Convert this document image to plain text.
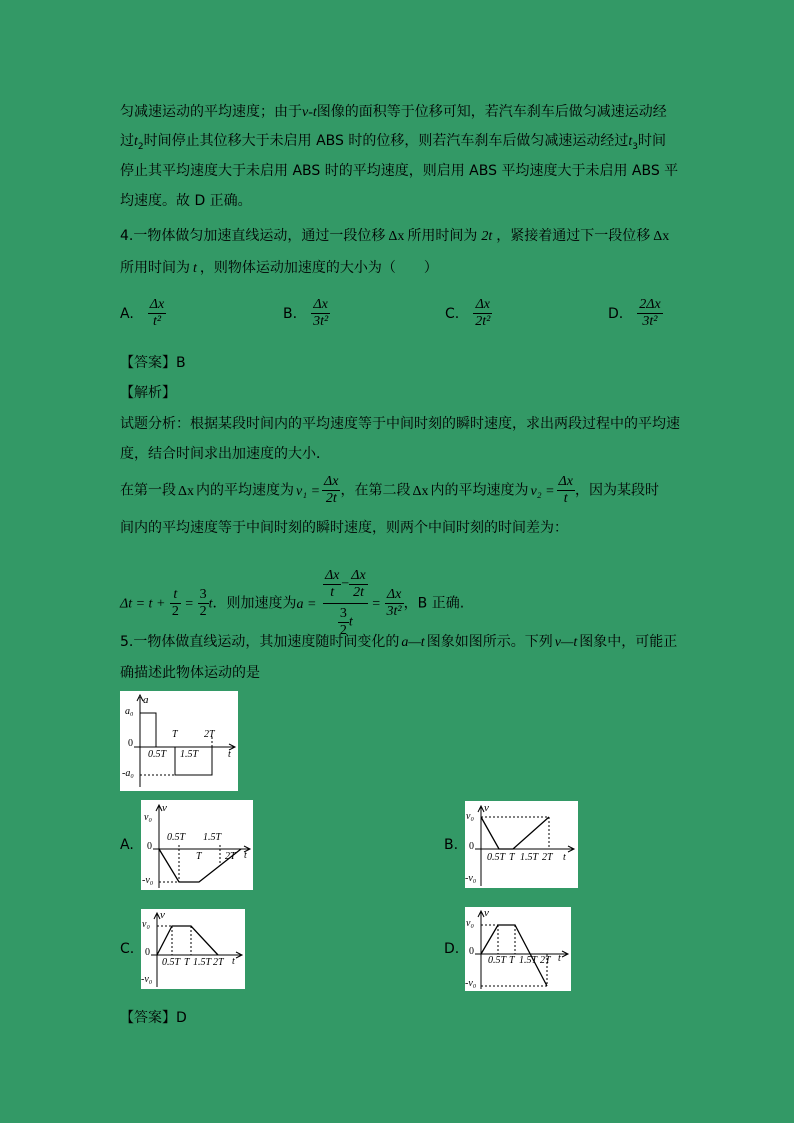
匀减速运动的平均速度；由于v-t图像的面积等于位移可知，若汽车刹车后做匀减速运动经
过$t_2$时间停止其位移大于未启用 ABS 时的位移，则若汽车刹车后做匀减速运动经过$t_3$时间
停止其平均速度大于未启用 ABS 时的平均速度，则启用 ABS 平均速度大于未启用 ABS 平
均速度。故 D 正确。
4.一物体做匀加速直线运动，通过一段位移 Δx 所用时间为 2t ，紧接着通过下一段位移 Δx
所用时间为 t ，则物体运动加速度的大小为（　　）
A. $\frac{\Delta x}{\text{t²}}$	B. $\frac{\Delta x}{\text{3t²}}$	C. $\frac{\Delta x}{\text{2t²}}$	D. $\frac{2\Delta x}{\text{3t²}}$
【答案】B
【解析】
试题分析：根据某段时间内的平均速度等于中间时刻的瞬时速度，求出两段过程中的平均速
度，结合时间求出加速度的大小．
在第一段 Δx 内的平均速度为 $v_1 = \frac{\Delta x}{2t}$ ，在第二段 Δx 内的平均速度为 $v_2 = \frac{\Delta x}{t}$ ，因为某段时
间内的平均速度等于中间时刻的瞬时速度，则两个中间时刻的时间差为：
$\Delta t = t + \frac{t}{2} = \frac{3}{2}$ t．则加速度为$a = \frac{\frac{\Delta x}{t} - \frac{\Delta x}{2t}}{\frac{3}{2} t} = \frac{\Delta x}{\text{3t²}}$ ，B 正确.
5.一物体做直线运动，其加速度随时间变化的 a—t 图象如图所示。下列 v—t 图象中，可能正
确描述此物体运动的是
a
a₀
0
-a₀
t
0.5T
T
1.5T
2T
A.
v
v₀
0
-v₀
t
0.5T 1.5T
T 2T
B.
v
v₀
0
-v₀
t
0.5T T 1.5T 2T
C.
v
v₀
0
-v₀
t
0.5T T 1.5T 2T
D.
v
v₀
0
-v₀
t
0.5T T 1.5T 2T
【答案】D
